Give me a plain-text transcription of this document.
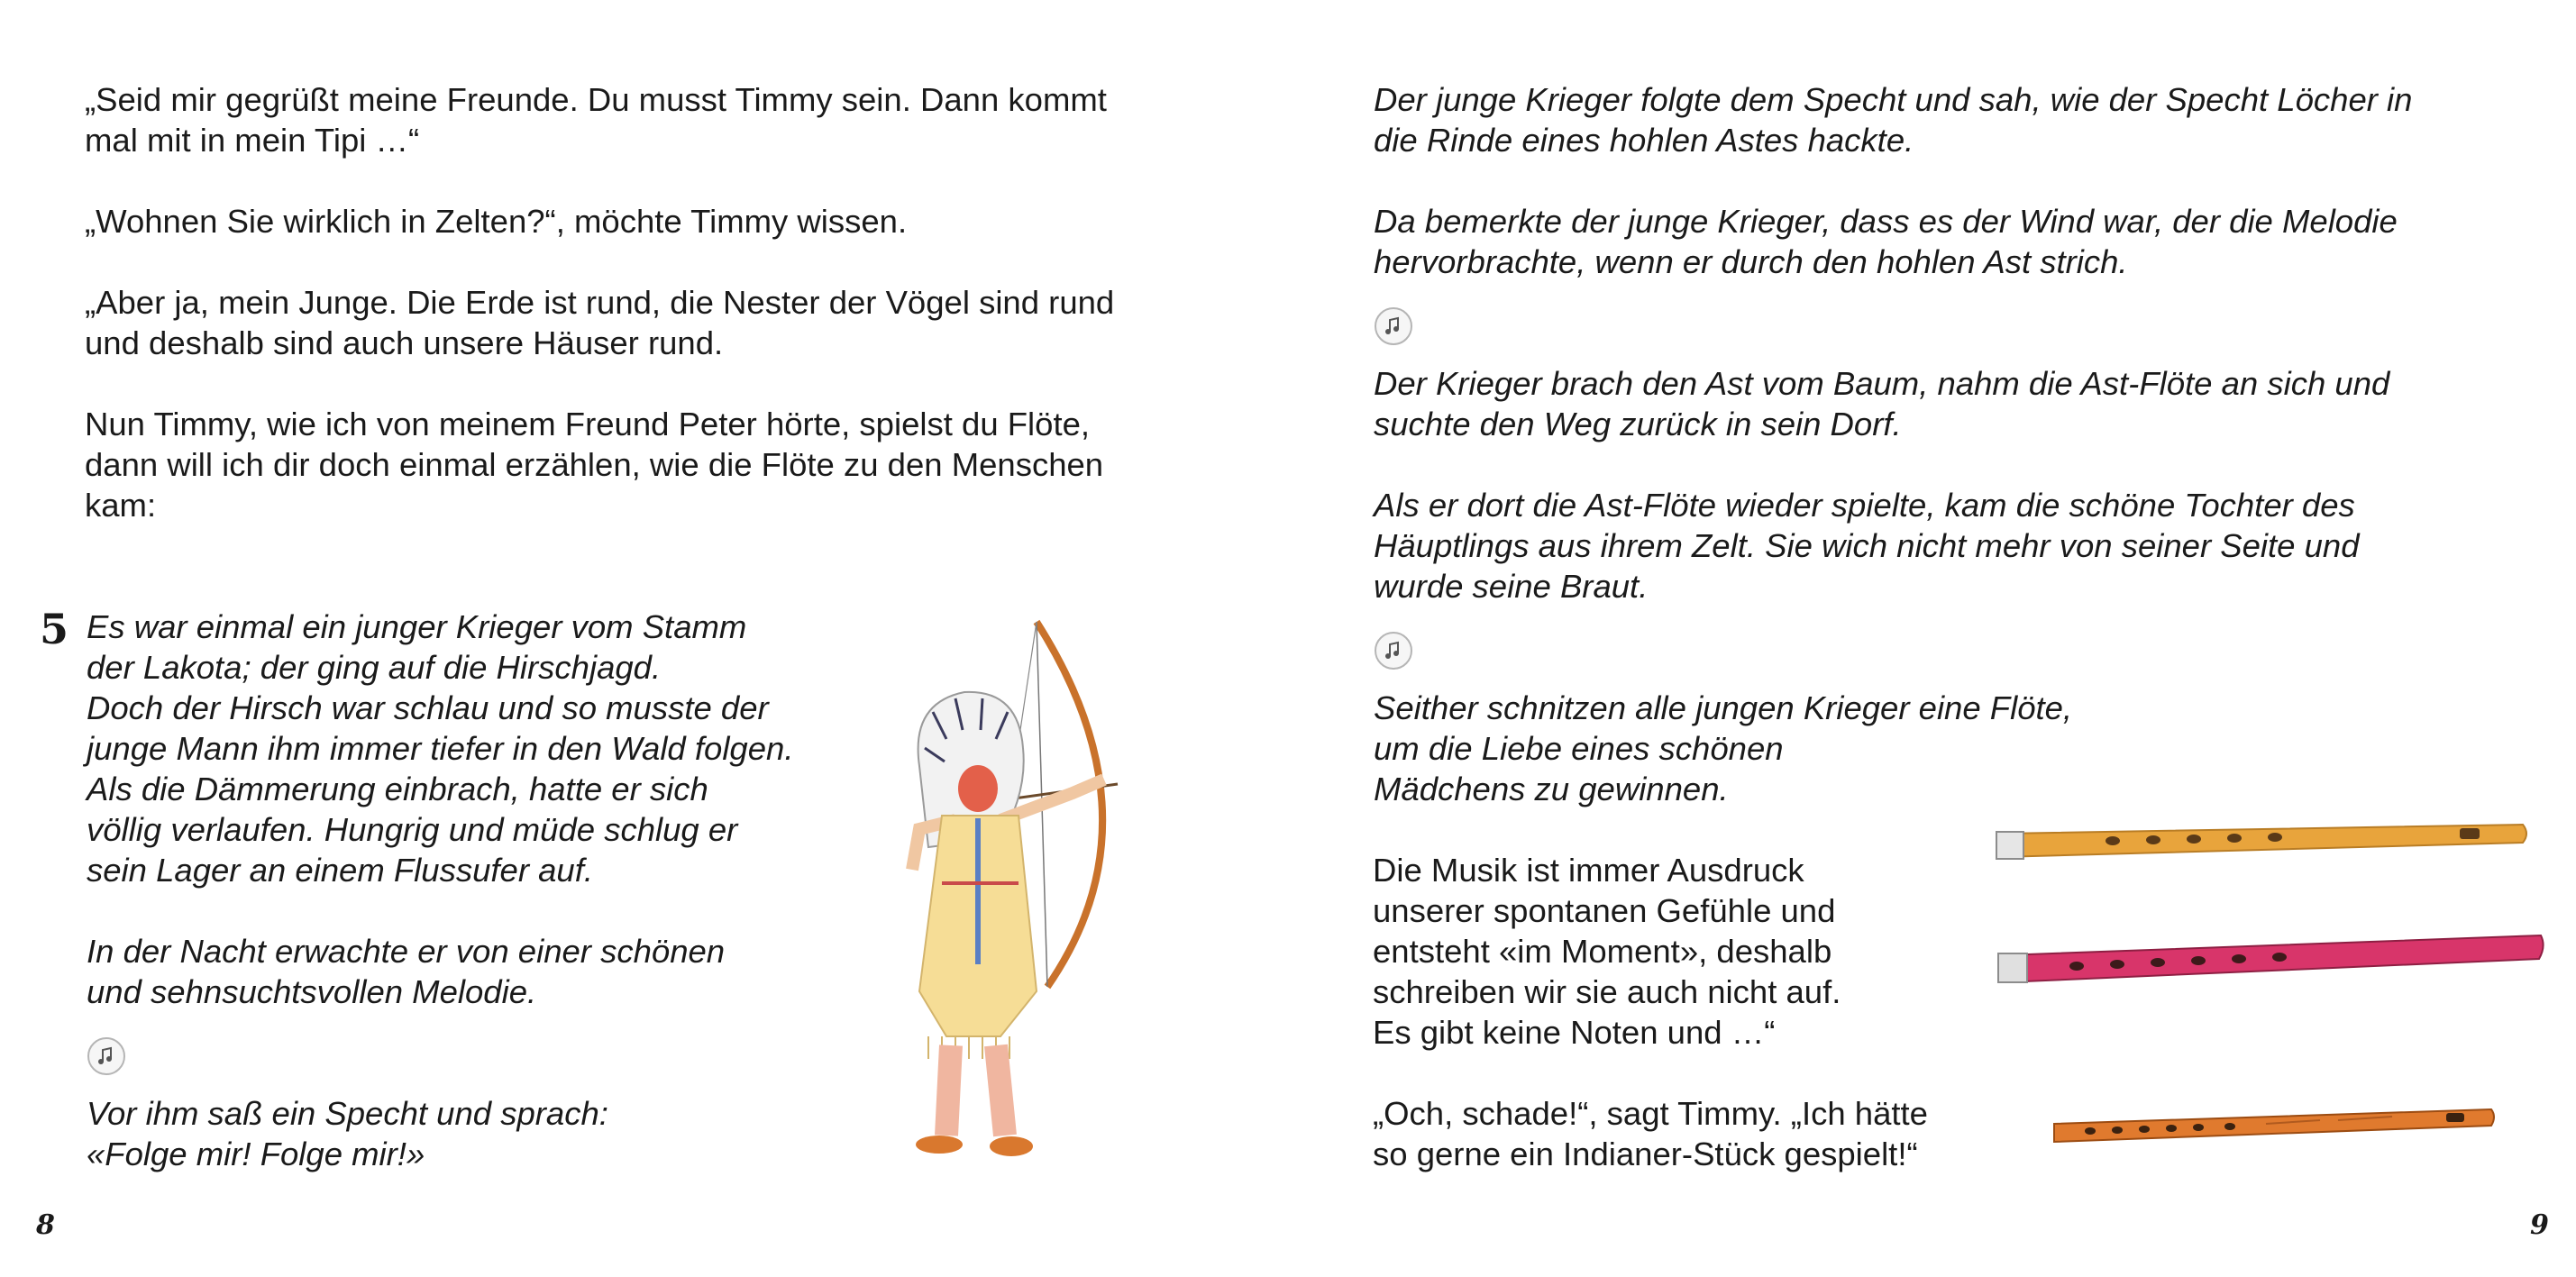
„Seid mir gegrüßt meine Freunde. Du musst Timmy sein. Dann kommt
mal mit in mein Tipi …“

„Wohnen Sie wirklich in Zelten?“, möchte Timmy wissen.

„Aber ja, mein Junge. Die Erde ist rund, die Nester der Vögel sind rund
und deshalb sind auch unsere Häuser rund.

Nun Timmy, wie ich von meinem Freund Peter hörte, spielst du Flöte,
dann will ich dir doch einmal erzählen, wie die Flöte zu den Menschen
kam:

5 Es war einmal ein junger Krieger vom Stamm
der Lakota; der ging auf die Hirschjagd.
Doch der Hirsch war schlau und so musste der
junge Mann ihm immer tiefer in den Wald folgen.
Als die Dämmerung einbrach, hatte er sich
völlig verlaufen. Hungrig und müde schlug er
sein Lager an einem Flussufer auf.

In der Nacht erwachte er von einer schönen
und sehnsuchtsvollen Melodie.

Vor ihm saß ein Specht und sprach:
«Folge mir! Folge mir!»

8

Der junge Krieger folgte dem Specht und sah, wie der Specht Löcher in
die Rinde eines hohlen Astes hackte.

Da bemerkte der junge Krieger, dass es der Wind war, der die Melodie
hervorbrachte, wenn er durch den hohlen Ast strich.

Der Krieger brach den Ast vom Baum, nahm die Ast-Flöte an sich und
suchte den Weg zurück in sein Dorf.

Als er dort die Ast-Flöte wieder spielte, kam die schöne Tochter des
Häuptlings aus ihrem Zelt. Sie wich nicht mehr von seiner Seite und
wurde seine Braut.

Seither schnitzen alle jungen Krieger eine Flöte,
um die Liebe eines schönen
Mädchens zu gewinnen.

Die Musik ist immer Ausdruck
unserer spontanen Gefühle und
entsteht «im Moment», deshalb
schreiben wir sie auch nicht auf.
Es gibt keine Noten und …“

„Och, schade!“, sagt Timmy. „Ich hätte
so gerne ein Indianer-Stück gespielt!“

9
